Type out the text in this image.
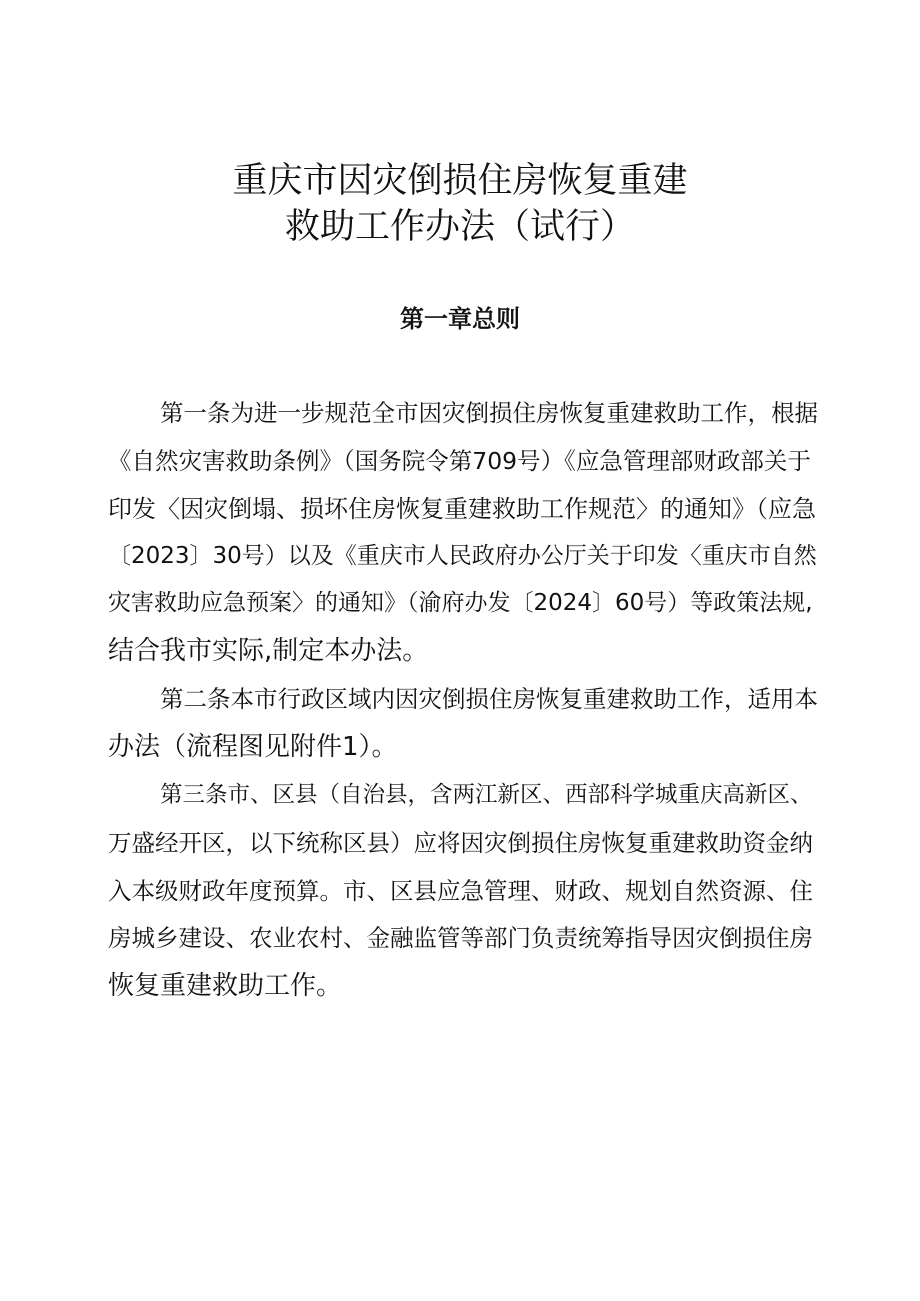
重庆市因灾倒损住房恢复重建
救助工作办法（试行）
第一章总则

第一条为进一步规范全市因灾倒损住房恢复重建救助工作，根据

《自然灾害救助条例》（国务院令第709号）《应急管理部财政部关于

印发〈因灾倒塌、损坏住房恢复重建救助工作规范〉的通知》（应急

〔2023〕30号）以及《重庆市人民政府办公厅关于印发〈重庆市自然

灾害救助应急预案〉的通知》（渝府办发〔2024〕60号）等政策法规,

结合我市实际,制定本办法。

第二条本市行政区域内因灾倒损住房恢复重建救助工作，适用本

办法（流程图见附件1）。

第三条市、区县（自治县，含两江新区、西部科学城重庆高新区、

万盛经开区，以下统称区县）应将因灾倒损住房恢复重建救助资金纳

入本级财政年度预算。市、区县应急管理、财政、规划自然资源、住

房城乡建设、农业农村、金融监管等部门负责统筹指导因灾倒损住房

恢复重建救助工作。
